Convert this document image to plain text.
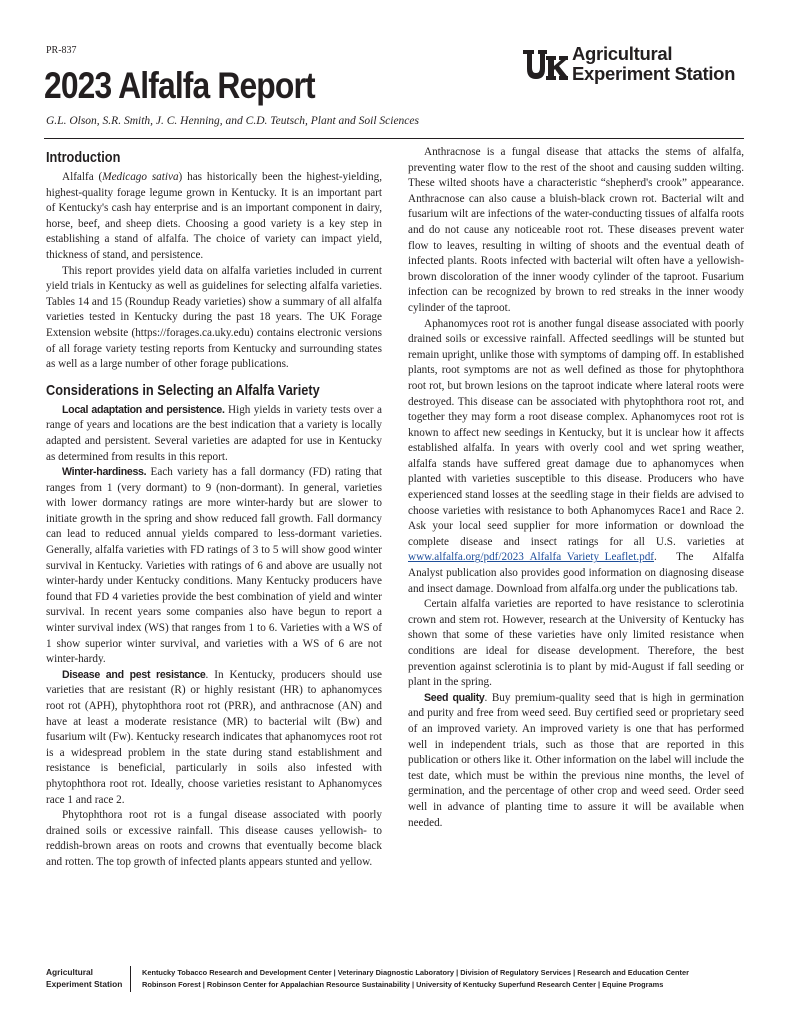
PR-837
2023 Alfalfa Report
G.L. Olson, S.R. Smith, J. C. Henning, and C.D. Teutsch, Plant and Soil Sciences
Agricultural
Experiment Station
Introduction

Alfalfa (Medicago sativa) has historically been the highest-yielding, highest-quality forage legume grown in Kentucky. It is an important part of Kentucky's cash hay enterprise and is an important component in dairy, horse, beef, and sheep diets. Choosing a good variety is a key step in establishing a stand of alfalfa. The choice of variety can impact yield, thickness of stand, and persistence.

This report provides yield data on alfalfa varieties included in current yield trials in Kentucky as well as guidelines for selecting alfalfa varieties. Tables 14 and 15 (Roundup Ready varieties) show a summary of all alfalfa varieties tested in Kentucky during the past 18 years. The UK Forage Extension website (https://forages.ca.uky.edu) contains electronic versions of all forage variety testing reports from Kentucky and surrounding states as well as a large number of other forage publications.

Considerations in Selecting an Alfalfa Variety

Local adaptation and persistence. High yields in variety tests over a range of years and locations are the best indication that a variety is locally adapted and persistent. Several varieties are adapted for use in Kentucky as determined from results in this report.

Winter-hardiness. Each variety has a fall dormancy (FD) rating that ranges from 1 (very dormant) to 9 (non-dormant). In general, varieties with lower dormancy ratings are more winter-hardy but are slower to initiate growth in the spring and show reduced fall growth. Fall dormancy can lead to reduced annual yields compared to less-dormant varieties. Generally, alfalfa varieties with FD ratings of 3 to 5 will show good winter survival in Kentucky. Varieties with ratings of 6 and above are usually not winter-hardy under Kentucky conditions. Many Kentucky producers have found that FD 4 varieties provide the best combination of yield and winter survival. In recent years some companies also have begun to report a winter survival index (WS) that ranges from 1 to 6. Varieties with a WS of 1 show superior winter survival, and varieties with a WS of 6 are not winter-hardy.

Disease and pest resistance. In Kentucky, producers should use varieties that are resistant (R) or highly resistant (HR) to aphanomyces root rot (APH), phytophthora root rot (PRR), and anthracnose (AN) and have at least a moderate resistance (MR) to bacterial wilt (Bw) and fusarium wilt (Fw). Kentucky research indicates that aphanomyces root rot is a widespread problem in the state during stand establishment and resistance is beneficial, particularly in soils also infested with phytophthora root rot. Ideally, choose varieties resistant to Aphanomyces race 1 and race 2.

Phytophthora root rot is a fungal disease associated with poorly drained soils or excessive rainfall. This disease causes yellowish- to reddish-brown areas on roots and crowns that eventually become black and rotten. The top growth of infected plants appears stunted and yellow.

Anthracnose is a fungal disease that attacks the stems of alfalfa, preventing water flow to the rest of the shoot and causing sudden wilting. These wilted shoots have a characteristic “shepherd's crook” appearance. Anthracnose can also cause a bluish-black crown rot. Bacterial wilt and fusarium wilt are infections of the water-conducting tissues of alfalfa roots and do not cause any noticeable root rot. These diseases prevent water flow to leaves, resulting in wilting of shoots and the eventual death of infected plants. Roots infected with bacterial wilt often have a yellowish-brown discoloration of the inner woody cylinder of the taproot. Fusarium infection can be recognized by brown to red streaks in the inner woody cylinder of the taproot.

Aphanomyces root rot is another fungal disease associated with poorly drained soils or excessive rainfall. Affected seedlings will be stunted but remain upright, unlike those with symptoms of damping off. In established plants, root symptoms are not as well defined as those for phytophthora root rot, but brown lesions on the taproot indicate where lateral roots were destroyed. This disease can be associated with phytophthora root rot, and together they may form a root disease complex. Aphanomyces root rot is known to affect new seedings in Kentucky, but it is unclear how it affects established alfalfa. In years with overly cool and wet spring weather, alfalfa stands have suffered great damage due to aphanomyces when planted with varieties susceptible to this disease. Producers who have experienced stand losses at the seedling stage in their fields are advised to choose varieties with resistance to both Aphanomyces Race1 and Race 2. Ask your local seed supplier for more information or download the complete disease and insect ratings for all U.S. varieties at www.alfalfa.org/pdf/2023_Alfalfa_Variety_Leaflet.pdf. The Alfalfa Analyst publication also provides good information on diagnosing disease and insect damage. Download from alfalfa.org under the publications tab.

Certain alfalfa varieties are reported to have resistance to sclerotinia crown and stem rot. However, research at the University of Kentucky has shown that some of these varieties have only limited resistance when conditions are ideal for disease development. Therefore, the best prevention against sclerotinia is to plant by mid-August if fall seeding or plant in the spring.

Seed quality. Buy premium-quality seed that is high in germination and purity and free from weed seed. Buy certified seed or proprietary seed of an improved variety. An improved variety is one that has performed well in independent trials, such as those that are reported in this publication or others like it. Other information on the label will include the test date, which must be within the previous nine months, the level of germination, and the percentage of other crop and weed seed. Order seed well in advance of planting time to assure it will be available when needed.

Agricultural
Experiment Station
Kentucky Tobacco Research and Development Center | Veterinary Diagnostic Laboratory | Division of Regulatory Services | Research and Education Center
Robinson Forest | Robinson Center for Appalachian Resource Sustainability | University of Kentucky Superfund Research Center | Equine Programs
